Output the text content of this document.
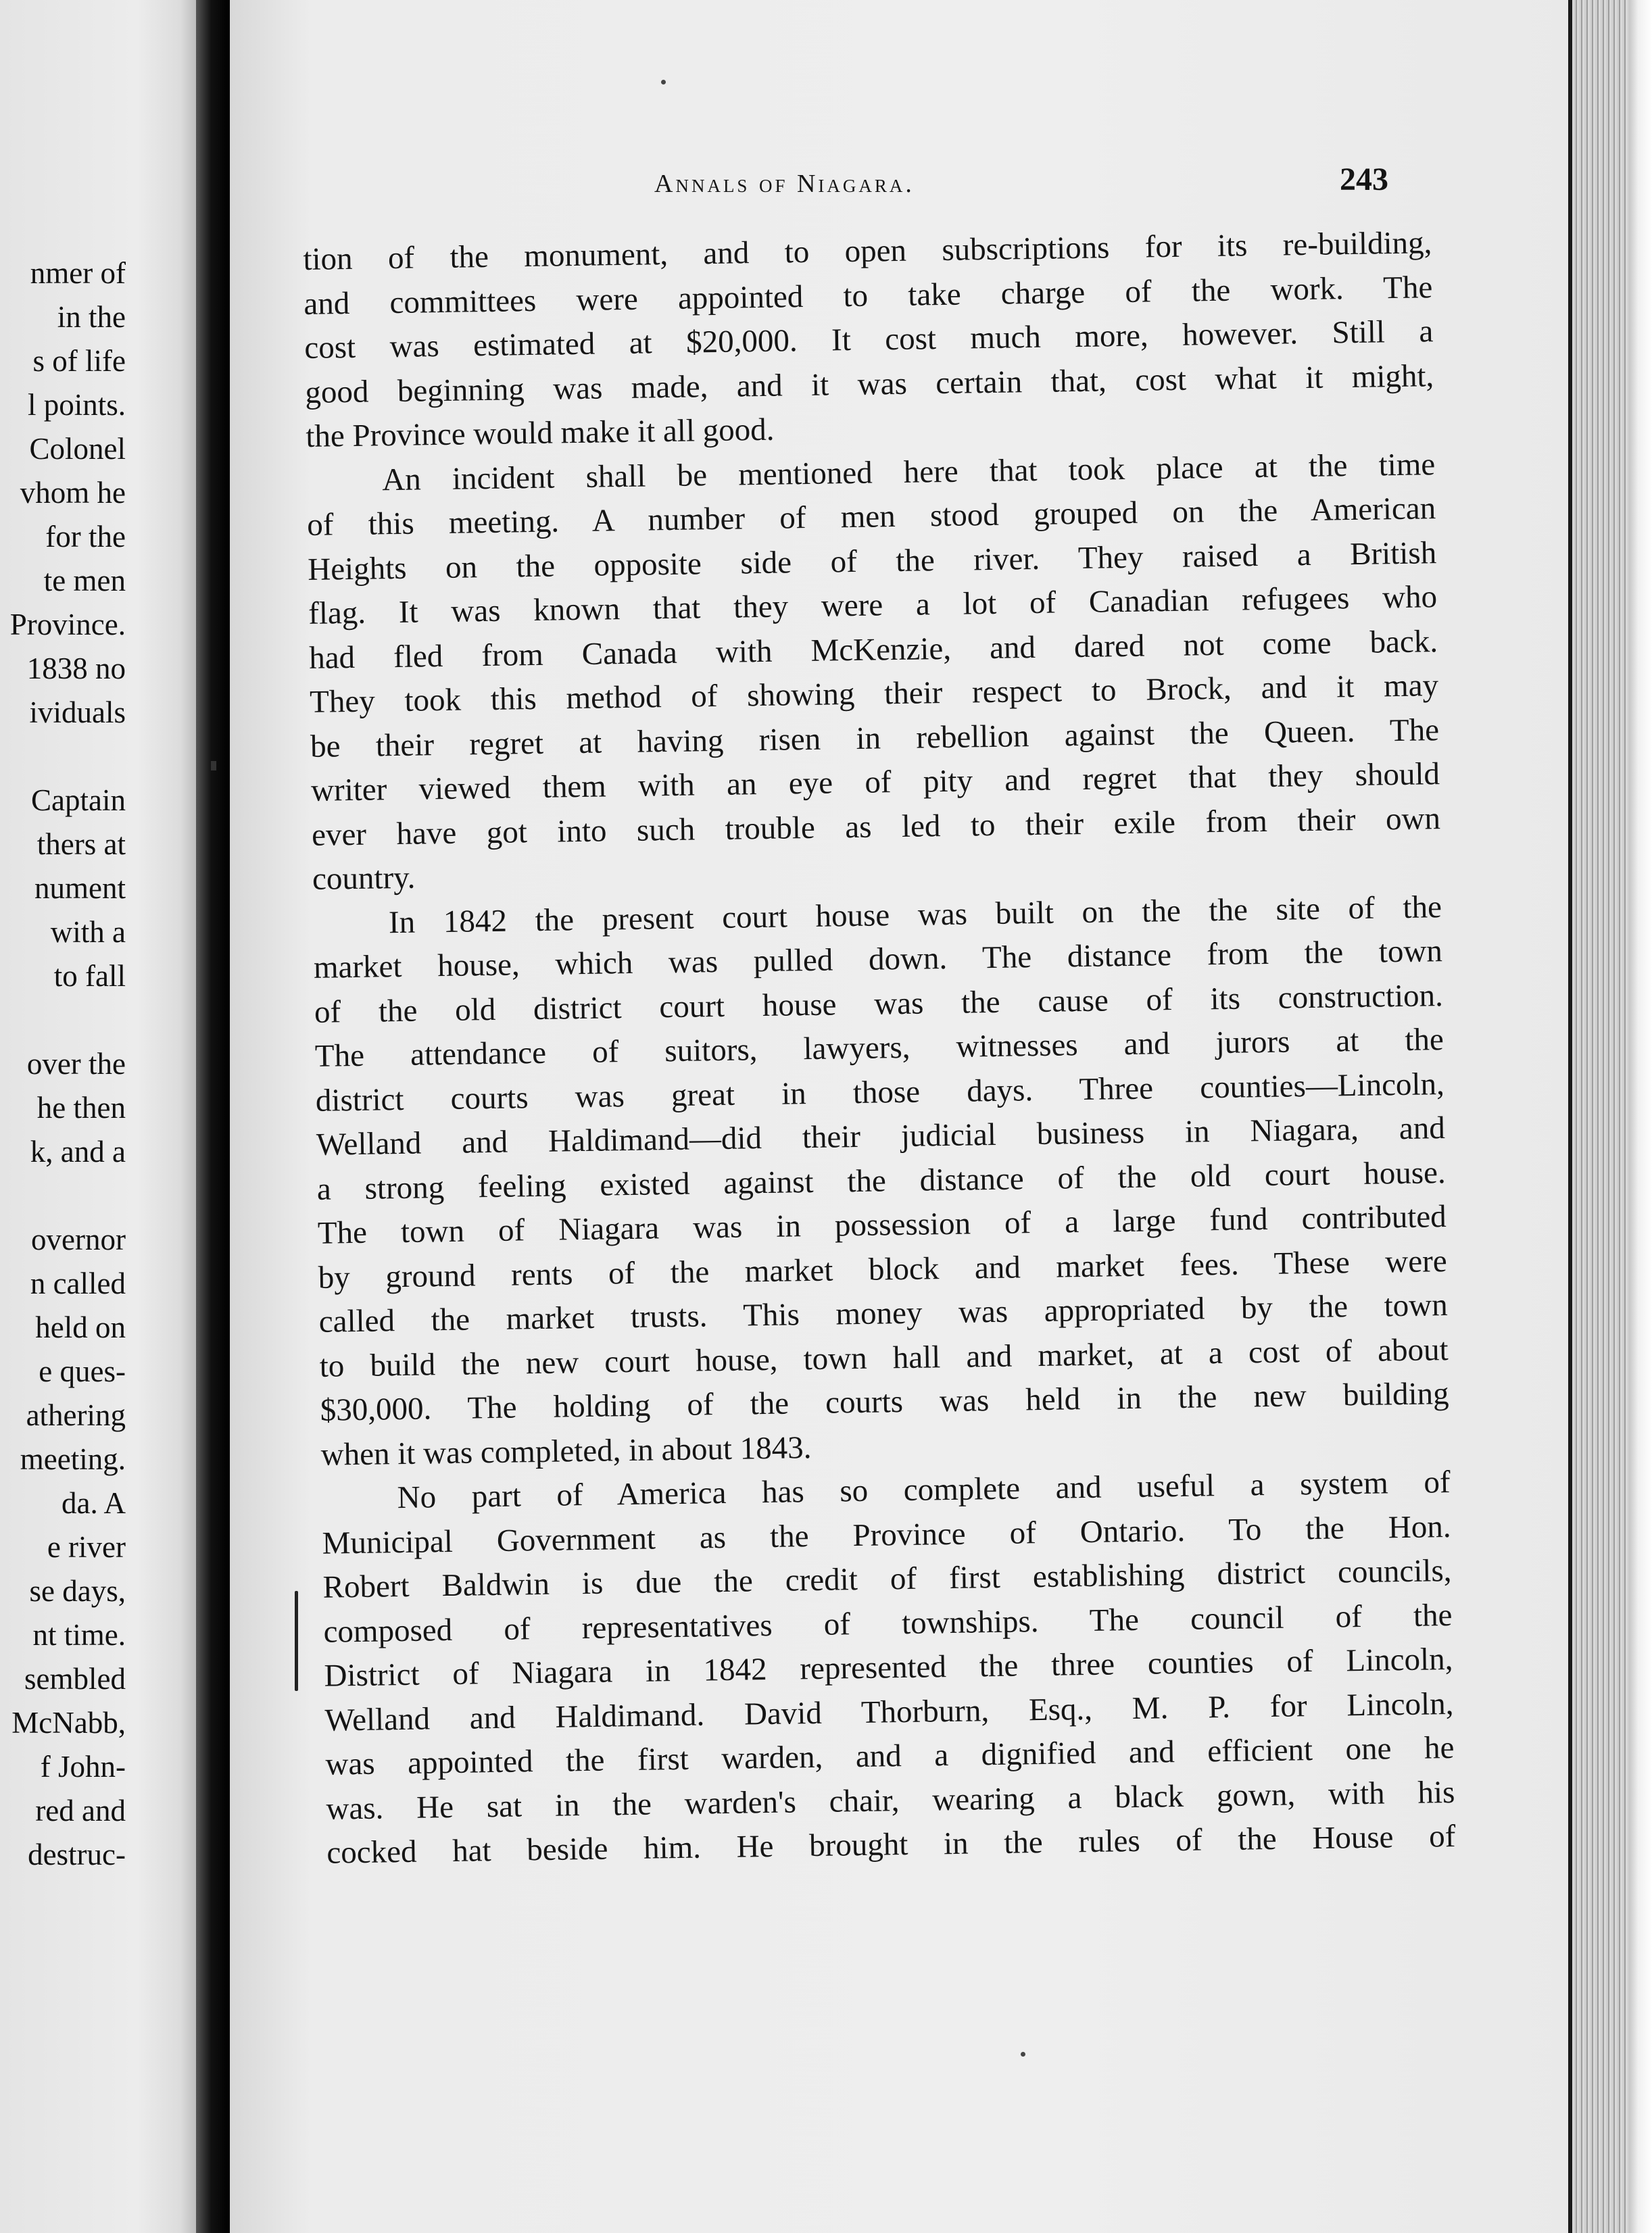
nmer of
in the
s of life
l points.
Colonel
vhom he
for the
te men
Province.
1838 no
ividuals
Captain
thers at
nument
with a
to fall
over the
he then
k, and a
overnor
n called
held on
e ques-
athering
meeting.
da. A
e river
se days,
nt time.
sembled
McNabb,
f John-
red and
destruc-
Annals of Niagara.	243
tion of the monument, and to open subscriptions for its re-building,
and committees were appointed to take charge of the work. The
cost was estimated at $20,000. It cost much more, however. Still a
good beginning was made, and it was certain that, cost what it might,
the Province would make it all good.
An incident shall be mentioned here that took place at the time
of this meeting. A number of men stood grouped on the American
Heights on the opposite side of the river. They raised a British
flag. It was known that they were a lot of Canadian refugees who
had fled from Canada with McKenzie, and dared not come back.
They took this method of showing their respect to Brock, and it may
be their regret at having risen in rebellion against the Queen. The
writer viewed them with an eye of pity and regret that they should
ever have got into such trouble as led to their exile from their own
country.
In 1842 the present court house was built on the the site of the
market house, which was pulled down. The distance from the town
of the old district court house was the cause of its construction.
The attendance of suitors, lawyers, witnesses and jurors at the
district courts was great in those days. Three counties—Lincoln,
Welland and Haldimand—did their judicial business in Niagara, and
a strong feeling existed against the distance of the old court house.
The town of Niagara was in possession of a large fund contributed
by ground rents of the market block and market fees. These were
called the market trusts. This money was appropriated by the town
to build the new court house, town hall and market, at a cost of about
$30,000. The holding of the courts was held in the new building
when it was completed, in about 1843.
No part of America has so complete and useful a system of
Municipal Government as the Province of Ontario. To the Hon.
Robert Baldwin is due the credit of first establishing district councils,
composed of representatives of townships. The council of the
District of Niagara in 1842 represented the three counties of Lincoln,
Welland and Haldimand. David Thorburn, Esq., M. P. for Lincoln,
was appointed the first warden, and a dignified and efficient one he
was. He sat in the warden's chair, wearing a black gown, with his
cocked hat beside him. He brought in the rules of the House of
